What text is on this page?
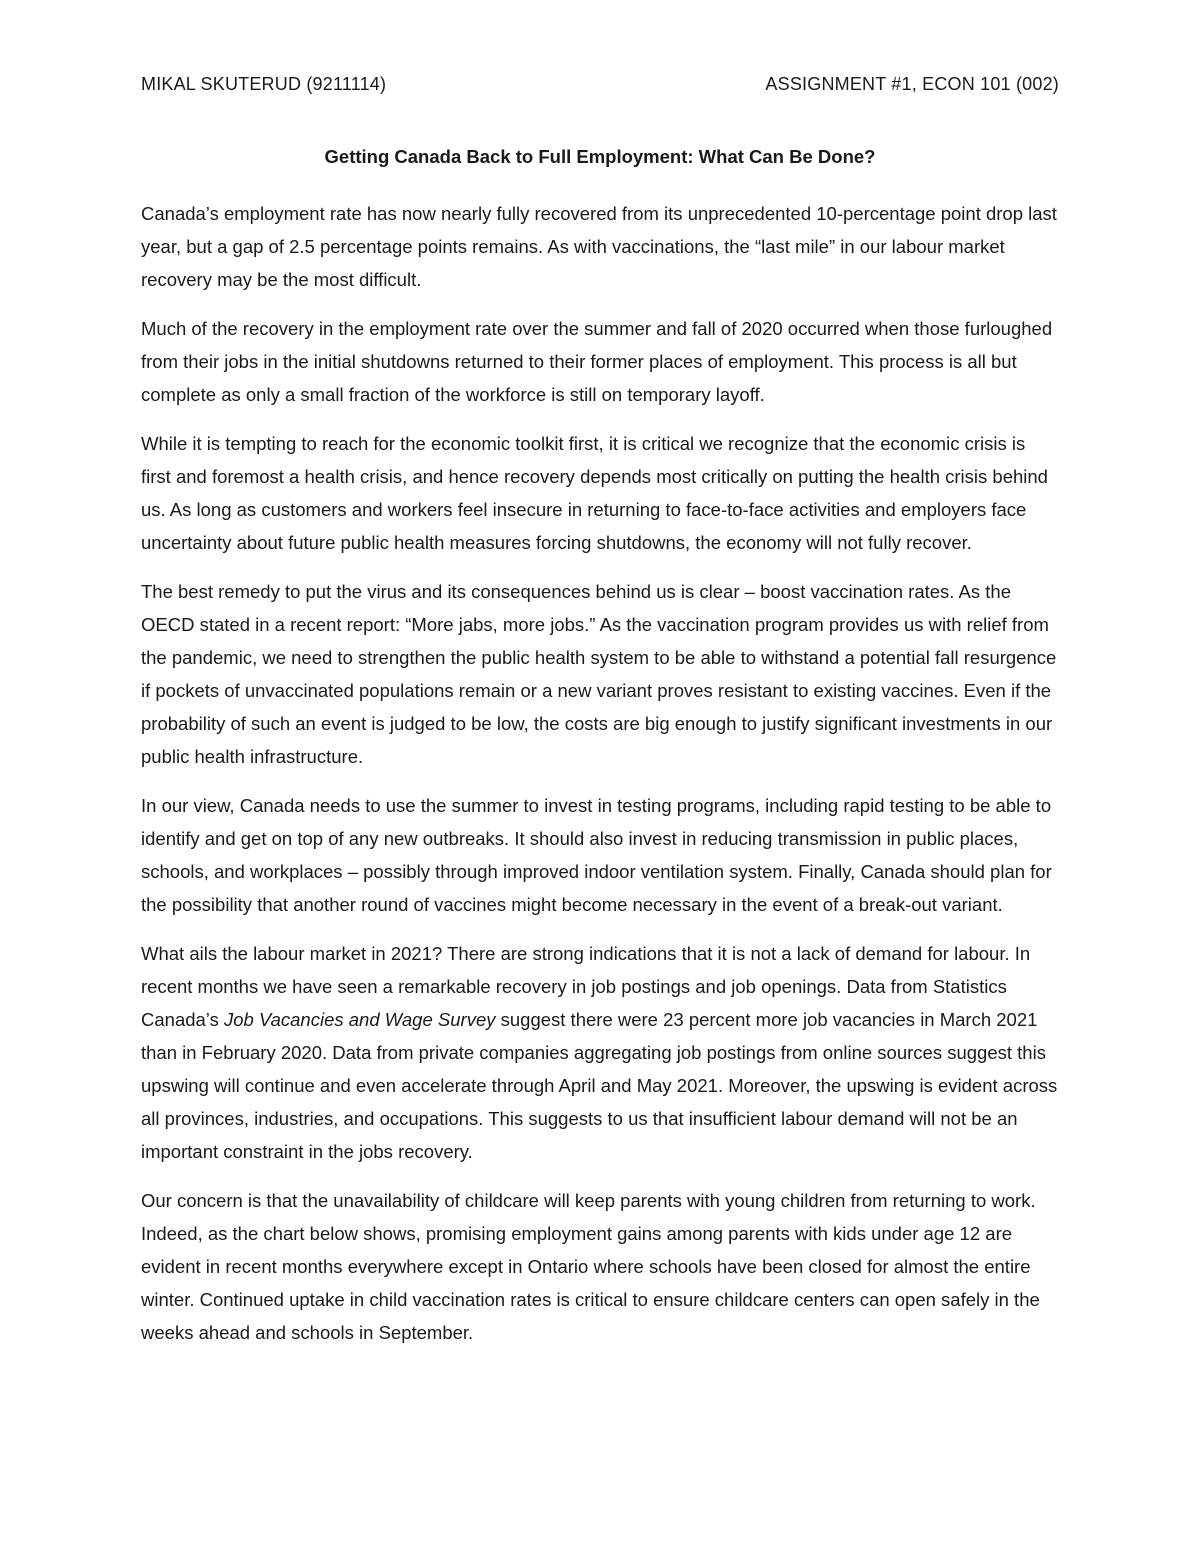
MIKAL SKUTERUD (9211114)	ASSIGNMENT #1, ECON 101 (002)
Getting Canada Back to Full Employment: What Can Be Done?

Canada’s employment rate has now nearly fully recovered from its unprecedented 10-percentage point drop last year, but a gap of 2.5 percentage points remains. As with vaccinations, the “last mile” in our labour market recovery may be the most difficult.

Much of the recovery in the employment rate over the summer and fall of 2020 occurred when those furloughed from their jobs in the initial shutdowns returned to their former places of employment. This process is all but complete as only a small fraction of the workforce is still on temporary layoff.

While it is tempting to reach for the economic toolkit first, it is critical we recognize that the economic crisis is first and foremost a health crisis, and hence recovery depends most critically on putting the health crisis behind us. As long as customers and workers feel insecure in returning to face-to-face activities and employers face uncertainty about future public health measures forcing shutdowns, the economy will not fully recover.

The best remedy to put the virus and its consequences behind us is clear – boost vaccination rates. As the OECD stated in a recent report: “More jabs, more jobs.” As the vaccination program provides us with relief from the pandemic, we need to strengthen the public health system to be able to withstand a potential fall resurgence if pockets of unvaccinated populations remain or a new variant proves resistant to existing vaccines. Even if the probability of such an event is judged to be low, the costs are big enough to justify significant investments in our public health infrastructure.

In our view, Canada needs to use the summer to invest in testing programs, including rapid testing to be able to identify and get on top of any new outbreaks. It should also invest in reducing transmission in public places, schools, and workplaces – possibly through improved indoor ventilation system. Finally, Canada should plan for the possibility that another round of vaccines might become necessary in the event of a break-out variant.

What ails the labour market in 2021? There are strong indications that it is not a lack of demand for labour. In recent months we have seen a remarkable recovery in job postings and job openings. Data from Statistics Canada’s Job Vacancies and Wage Survey suggest there were 23 percent more job vacancies in March 2021 than in February 2020. Data from private companies aggregating job postings from online sources suggest this upswing will continue and even accelerate through April and May 2021. Moreover, the upswing is evident across all provinces, industries, and occupations. This suggests to us that insufficient labour demand will not be an important constraint in the jobs recovery.

Our concern is that the unavailability of childcare will keep parents with young children from returning to work. Indeed, as the chart below shows, promising employment gains among parents with kids under age 12 are evident in recent months everywhere except in Ontario where schools have been closed for almost the entire winter. Continued uptake in child vaccination rates is critical to ensure childcare centers can open safely in the weeks ahead and schools in September.
